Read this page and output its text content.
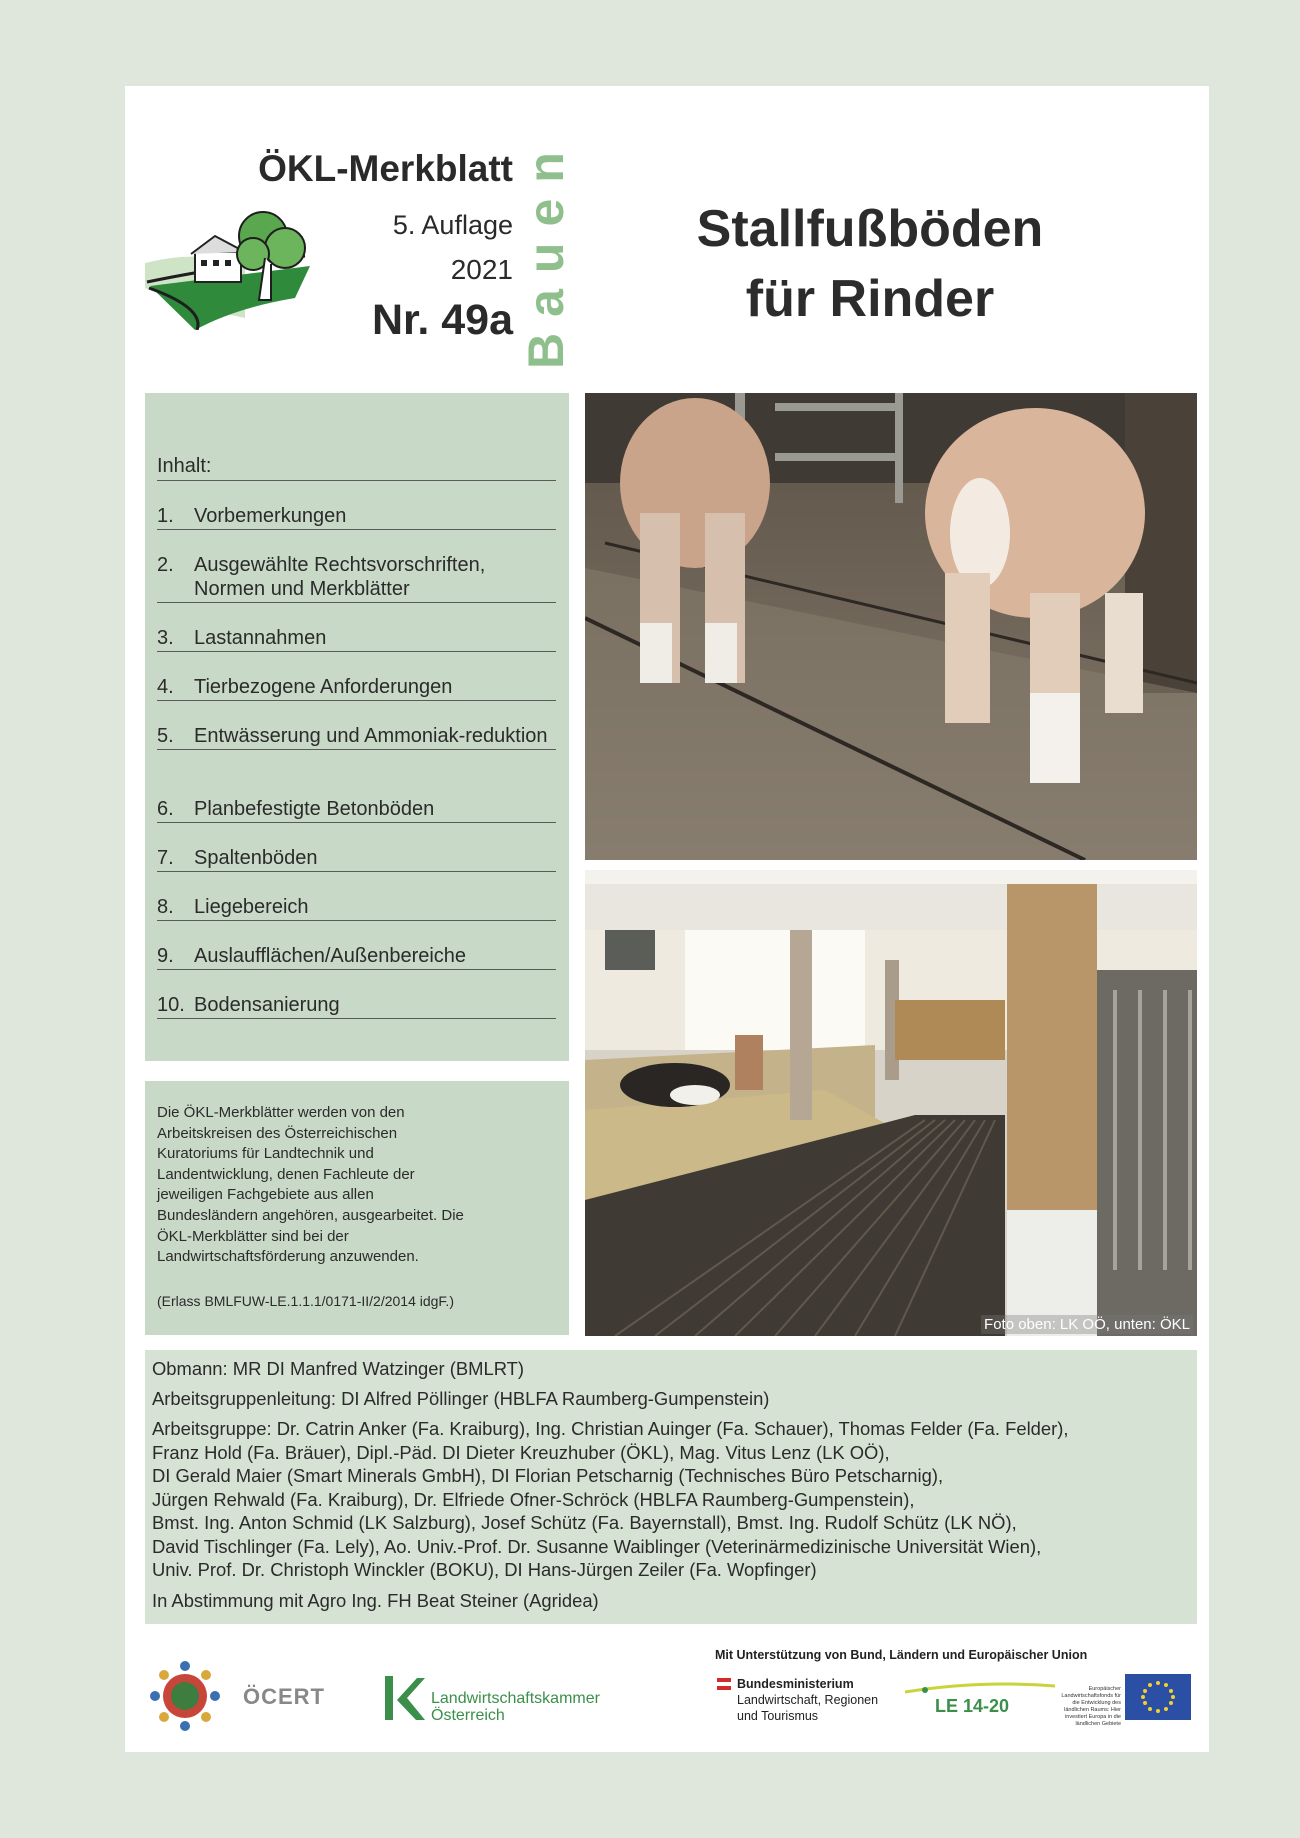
ÖKL-Merkblatt
5. Auflage
2021
Nr. 49a Bauen	Stallfußböden
für Rinder
Inhalt:
1.	Vorbemerkungen
2.	Ausgewählte Rechtsvorschriften, Normen und Merkblätter
3.	Lastannahmen
4.	Tierbezogene Anforderungen
5.	Entwässerung und Ammoniak-reduktion
6.	Planbefestigte Betonböden
7.	Spaltenböden
8.	Liegebereich
9.	Auslaufflächen/Außenbereiche
10. Bodensanierung
Die ÖKL-Merkblätter werden von den Arbeitskreisen des Österreichischen Kuratoriums für Landtechnik und Landentwicklung, denen Fachleute der jeweiligen Fachgebiete aus allen Bundesländern angehören, ausgearbeitet. Die ÖKL-Merkblätter sind bei der Landwirtschaftsförderung anzuwenden.
(Erlass BMLFUW-LE.1.1.1/0171-II/2/2014 idgF.)
Foto oben: LK OÖ, unten: ÖKL
Obmann: MR DI Manfred Watzinger (BMLRT)
Arbeitsgruppenleitung: DI Alfred Pöllinger (HBLFA Raumberg-Gumpenstein)
Arbeitsgruppe: Dr. Catrin Anker (Fa. Kraiburg), Ing. Christian Auinger (Fa. Schauer), Thomas Felder (Fa. Felder),
Franz Hold (Fa. Bräuer), Dipl.-Päd. DI Dieter Kreuzhuber (ÖKL), Mag. Vitus Lenz (LK OÖ),
DI Gerald Maier (Smart Minerals GmbH), DI Florian Petscharnig (Technisches Büro Petscharnig),
Jürgen Rehwald (Fa. Kraiburg), Dr. Elfriede Ofner-Schröck (HBLFA Raumberg-Gumpenstein),
Bmst. Ing. Anton Schmid (LK Salzburg), Josef Schütz (Fa. Bayernstall), Bmst. Ing. Rudolf Schütz (LK NÖ),
David Tischlinger (Fa. Lely), Ao. Univ.-Prof. Dr. Susanne Waiblinger (Veterinärmedizinische Universität Wien),
Univ. Prof. Dr. Christoph Winckler (BOKU), DI Hans-Jürgen Zeiler (Fa. Wopfinger)
In Abstimmung mit Agro Ing. FH Beat Steiner (Agridea)
ÖCERT	Landwirtschaftskammer
Österreich
Mit Unterstützung von Bund, Ländern und Europäischer Union
Bundesministerium
Landwirtschaft, Regionen
und Tourismus	LE 14-20
Europäischer Landwirtschaftsfonds für die Entwicklung des ländlichen Raums: Hier investiert Europa in die ländlichen Gebiete
